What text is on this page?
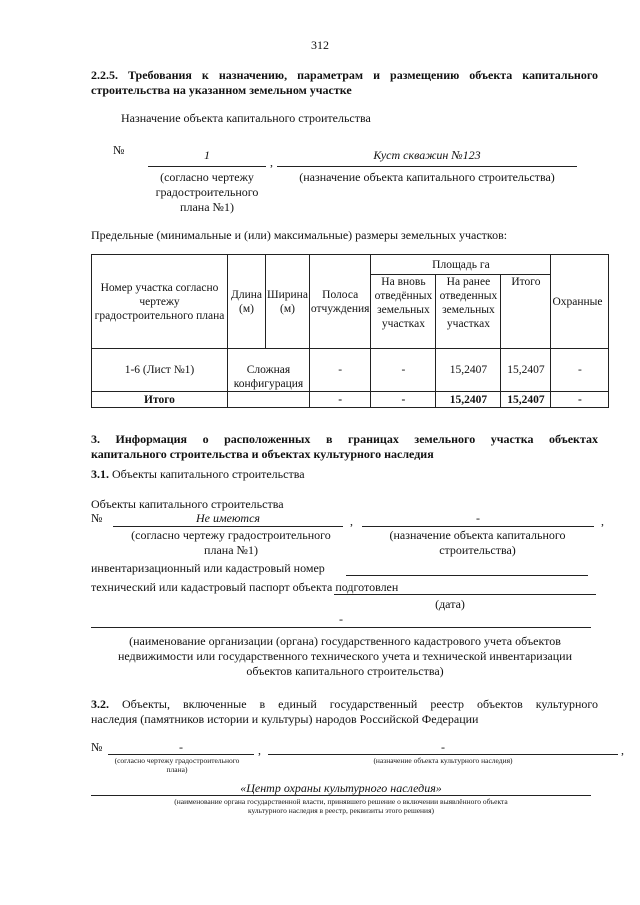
312
2.2.5. Требования к назначению, параметрам и размещению объекта капитального
строительства на указанном земельном участке
Назначение объекта капитального строительства
№	1	,	Куст скважин №123
(согласно чертежу градостроительного плана №1)
(назначение объекта капитального строительства)
Предельные (минимальные и (или) максимальные) размеры земельных участков:
Номер участка согласно чертежу градостроительного плана	Длина (м)	Ширина (м)	Полоса отчуждения	Площадь га			Охранные
				На вновь отведённых земельных участках	На ранее отведенных земельных участках	Итого	
1-6 (Лист №1)	Сложная конфигурация		-	-	15,2407	15,2407	-
Итого			-	-	15,2407	15,2407	-
3. Информация о расположенных в границах земельного участка объектах
капитального строительства и объектах культурного наследия
3.1. Объекты капитального строительства
Объекты капитального строительства
№	Не имеются	,	-	,
(согласно чертежу градостроительного плана №1)
(назначение объекта капитального строительства)
инвентаризационный или кадастровый номер
технический или кадастровый паспорт объекта подготовлен
(дата)
-
(наименование организации (органа) государственного кадастрового учета объектов
недвижимости или государственного технического учета и технической инвентаризации
объектов капитального строительства)
3.2. Объекты, включенные в единый государственный реестр объектов культурного
наследия (памятников истории и культуры) народов Российской Федерации
№	-	,	-	,
(согласно чертежу градостроительного плана)
(назначение объекта культурного наследия)
«Центр охраны культурного наследия»
(наименование органа государственной власти, принявшего решение о включении выявлённого объекта
культурного наследия в реестр, реквизиты этого решения)
